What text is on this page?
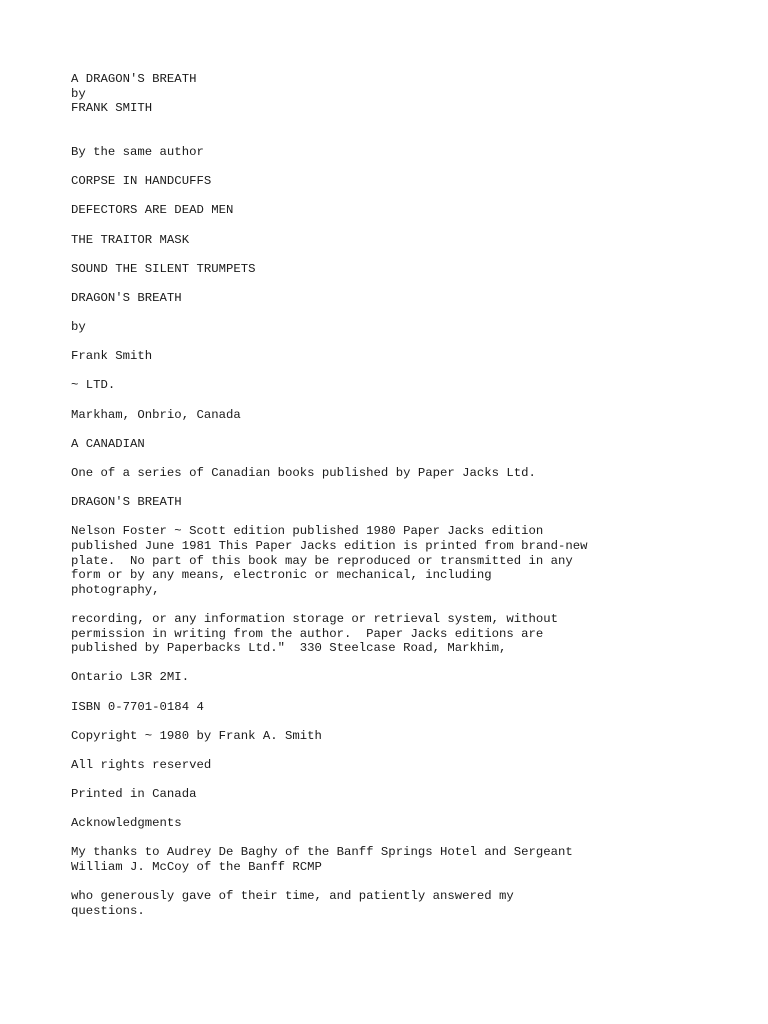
A DRAGON'S BREATH
by
FRANK SMITH
By the same author
CORPSE IN HANDCUFFS
DEFECTORS ARE DEAD MEN
THE TRAITOR MASK
SOUND THE SILENT TRUMPETS
DRAGON'S BREATH
by
Frank Smith
~ LTD.
Markham, Onbrio, Canada
A CANADIAN
One of a series of Canadian books published by Paper Jacks Ltd.
DRAGON'S BREATH
Nelson Foster ~ Scott edition published 1980 Paper Jacks edition
published June 1981 This Paper Jacks edition is printed from brand-new
plate.  No part of this book may be reproduced or transmitted in any
form or by any means, electronic or mechanical, including
photography,
recording, or any information storage or retrieval system, without
permission in writing from the author.  Paper Jacks editions are
published by Paperbacks Ltd."  330 Steelcase Road, Markhim,
Ontario L3R 2MI.
ISBN 0-7701-0184 4
Copyright ~ 1980 by Frank A. Smith
All rights reserved
Printed in Canada
Acknowledgments
My thanks to Audrey De Baghy of the Banff Springs Hotel and Sergeant
William J. McCoy of the Banff RCMP
who generously gave of their time, and patiently answered my
questions.
